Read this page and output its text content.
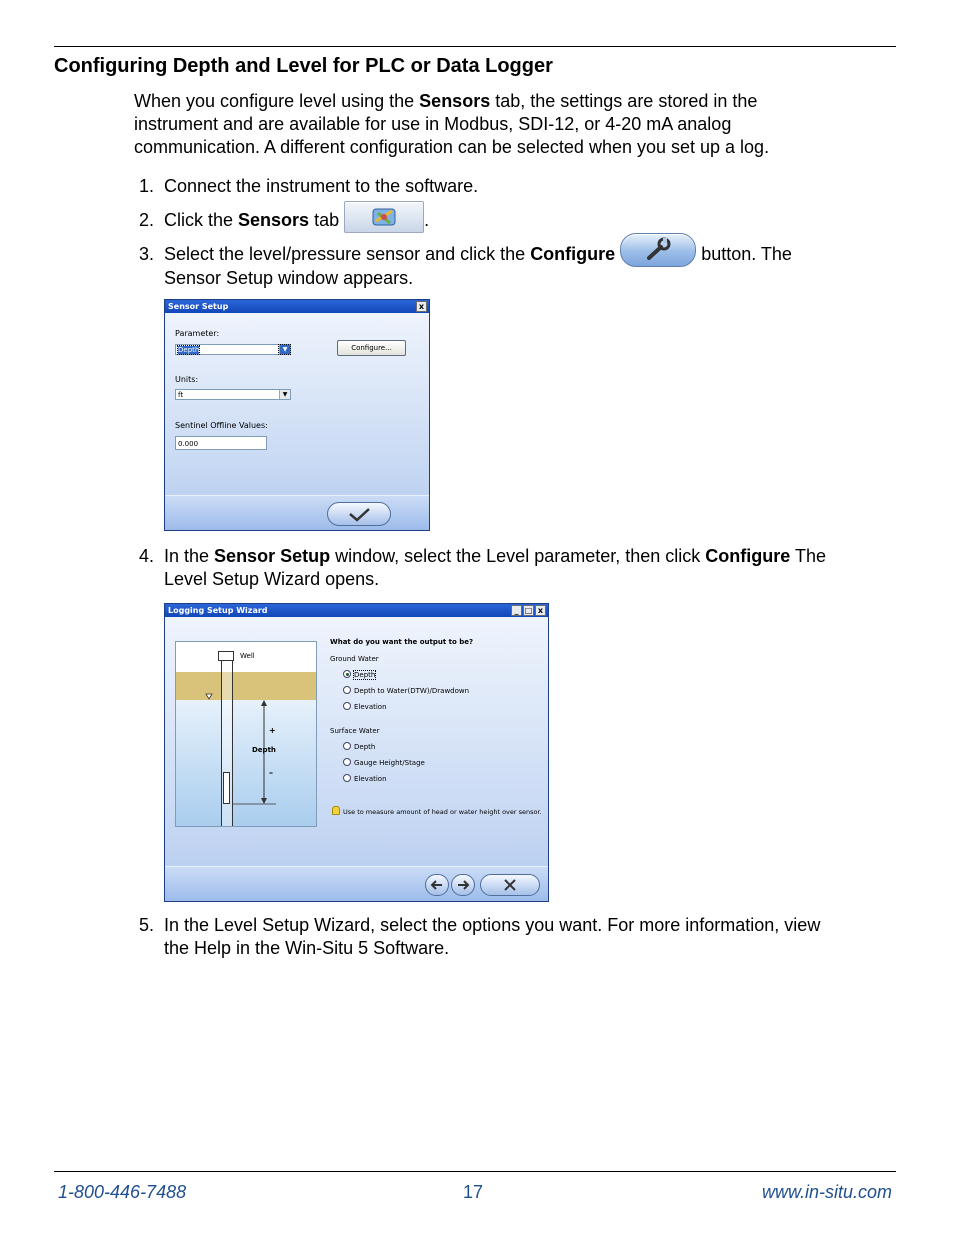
Configuring Depth and Level for PLC or Data Logger

When you configure level using the Sensors tab, the settings are stored in the
instrument and are available for use in Modbus, SDI-12, or 4-20 mA analog
communication. A different configuration can be selected when you set up a log.

1. Connect the instrument to the software.
2. Click the Sensors tab	.
3. Select the level/pressure sensor and click the Configure	button. The
Sensor Setup window appears.
Sensor Setup	x
Parameter:
Depth	▼	Configure...
Units:
ft	▼
Sentinel Offline Values:
0.000
4. In the Sensor Setup window, select the Level parameter, then click Configure The
Level Setup Wizard opens.
Logging Setup Wizard	_ □ x
Well
Depth
+
–
What do you want the output to be?
Ground Water
Depth
Depth to Water(DTW)/Drawdown
Elevation
Surface Water
Depth
Gauge Height/Stage
Elevation
Use to measure amount of head or water height over sensor.
5. In the Level Setup Wizard, select the options you want. For more information, view
the Help in the Win-Situ 5 Software.
1-800-446-7488	17	www.in-situ.com
